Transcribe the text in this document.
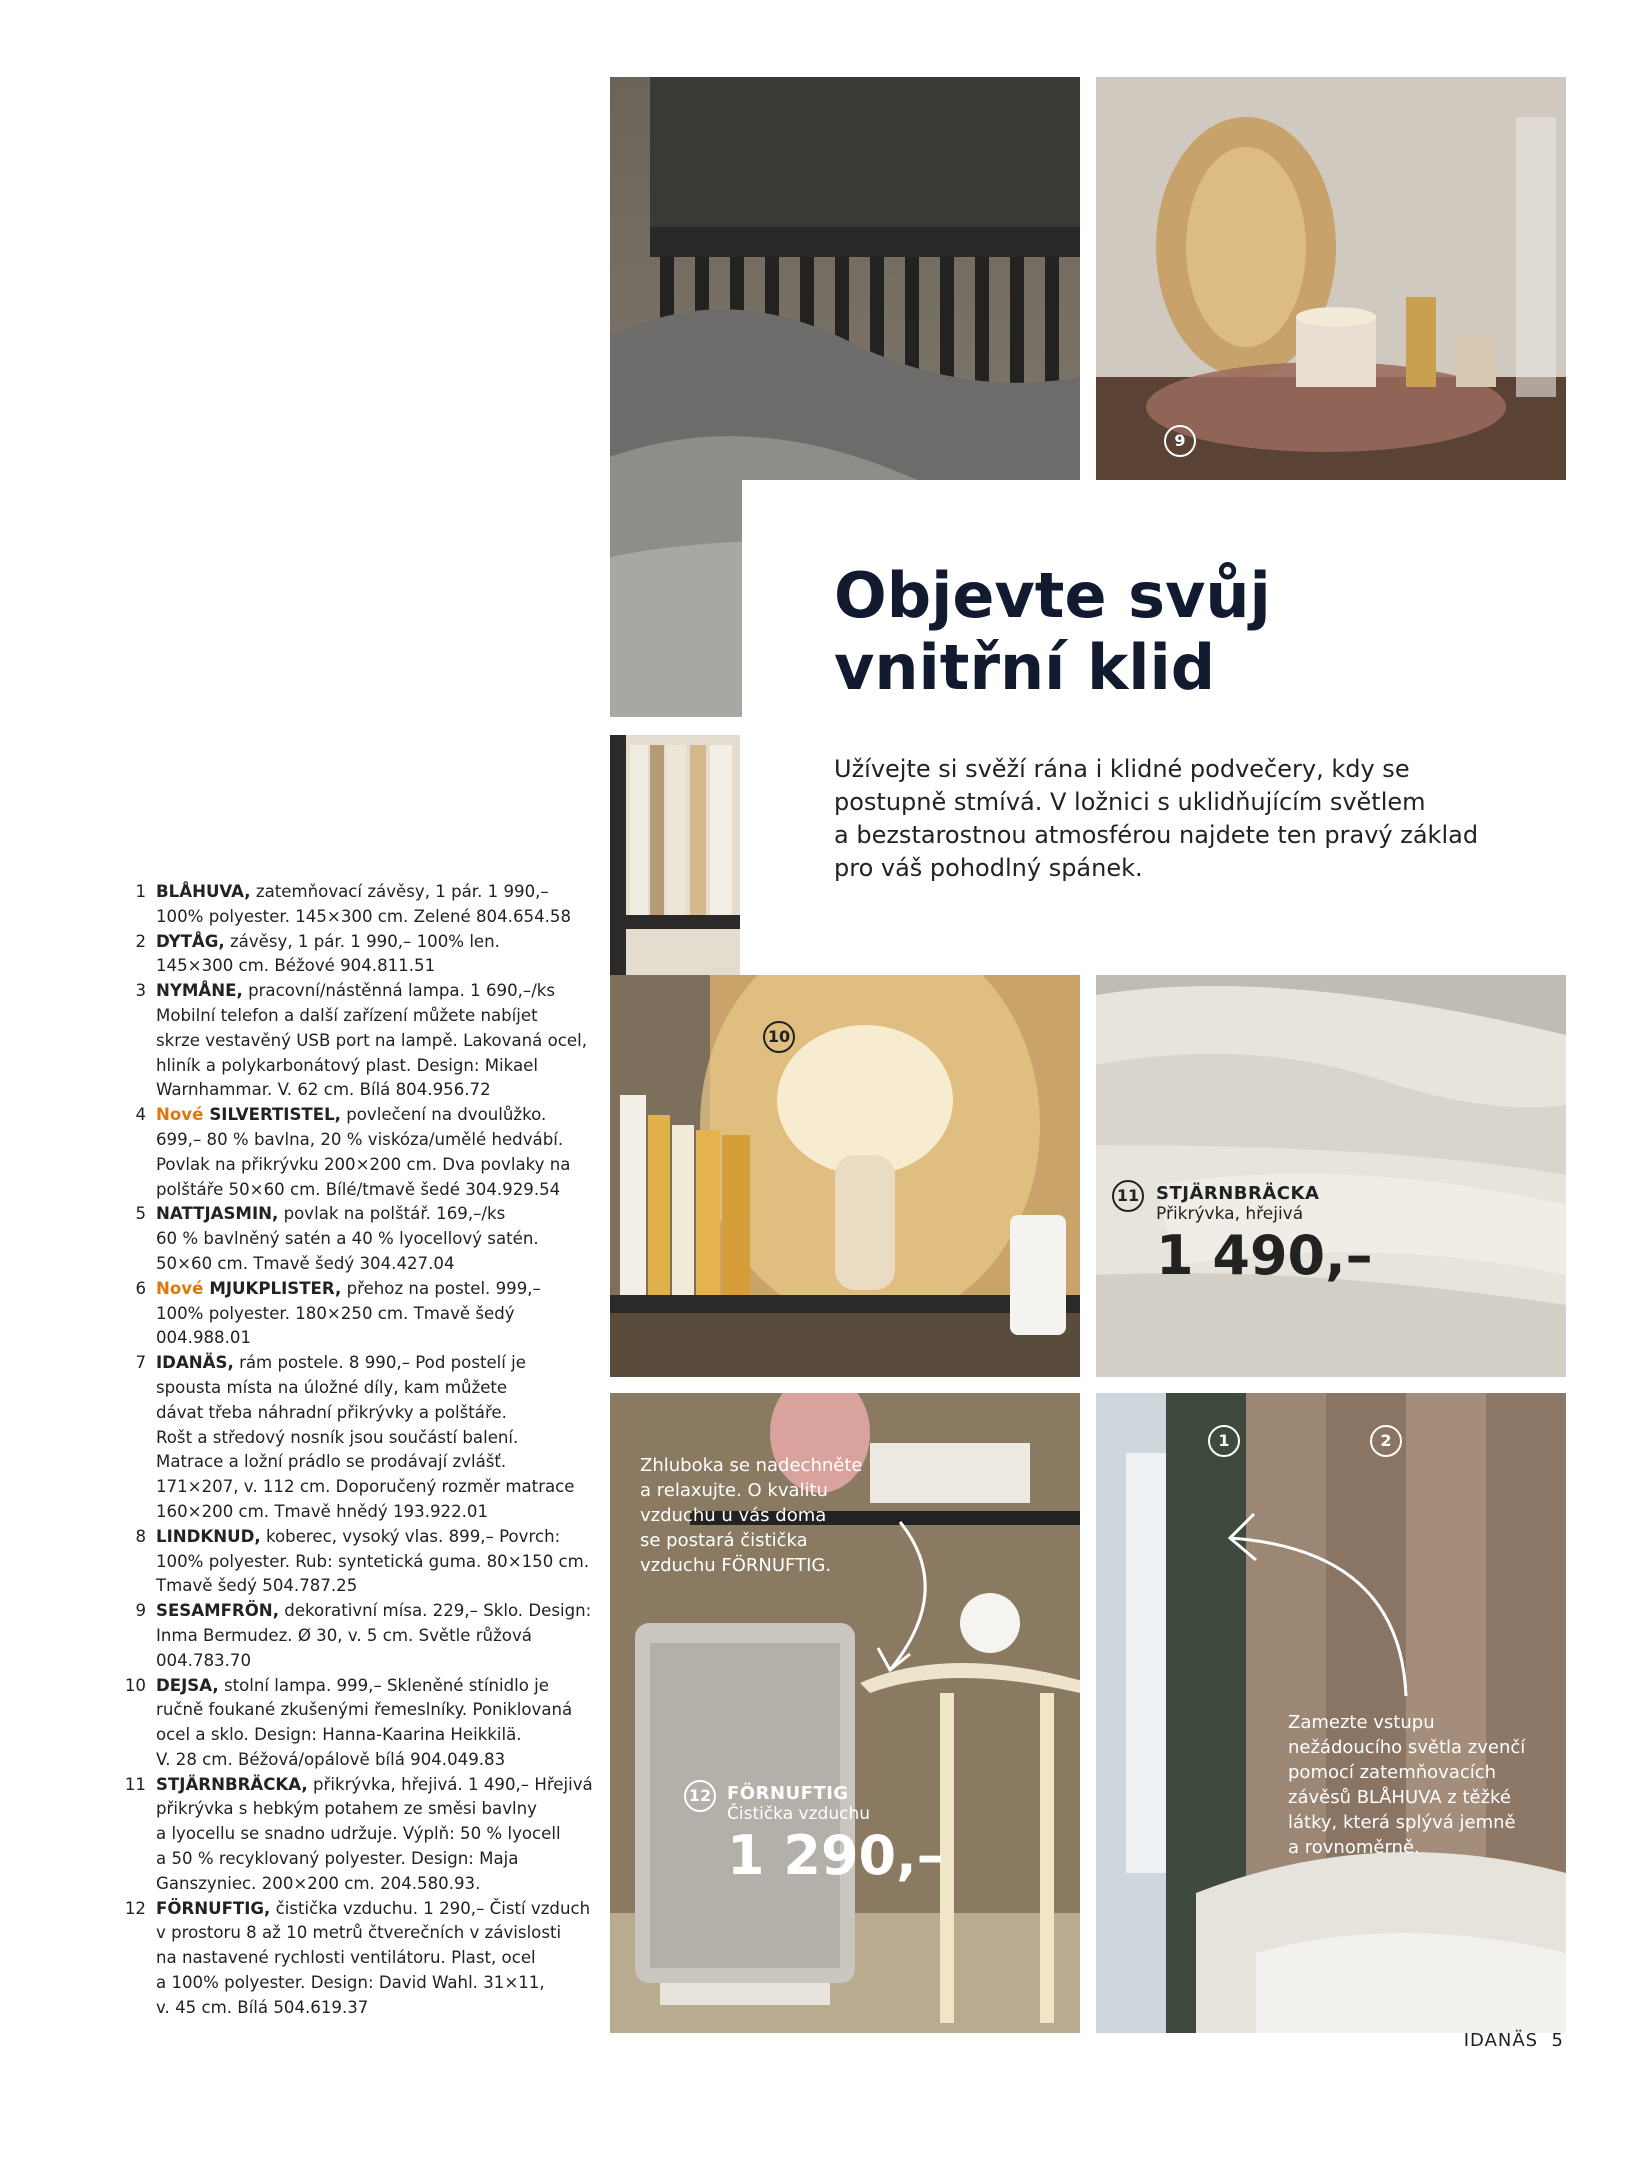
9
Objevte svůj
vnitřní klid
Užívejte si svěží rána i klidné podvečery, kdy se
postupně stmívá. V ložnici s uklidňujícím světlem
a bezstarostnou atmosférou najdete ten pravý základ
pro váš pohodlný spánek.
10
11 STJÄRNBRÄCKA
Přikrývka, hřejivá
1 490,–
12 FÖRNUFTIG
Čistička vzduchu
1 290,–
Zhluboka se nadechněte
a relaxujte. O kvalitu
vzduchu u vás doma
se postará čistička
vzduchu FÖRNUFTIG.
1	2
Zamezte vstupu
nežádoucího světla zvenčí
pomocí zatemňovacích
závěsů BLÅHUVA z těžké
látky, která splývá jemně
a rovnoměrně.
1 BLÅHUVA, zatemňovací závěsy, 1 pár. 1 990,–
100% polyester. 145×300 cm. Zelené 804.654.58
2 DYTÅG, závěsy, 1 pár. 1 990,– 100% len.
145×300 cm. Béžové 904.811.51
3 NYMÅNE, pracovní/nástěnná lampa. 1 690,–/ks
Mobilní telefon a další zařízení můžete nabíjet
skrze vestavěný USB port na lampě. Lakovaná ocel,
hliník a polykarbonátový plast. Design: Mikael
Warnhammar. V. 62 cm. Bílá 804.956.72
4 Nové SILVERTISTEL, povlečení na dvoulůžko.
699,– 80 % bavlna, 20 % viskóza/umělé hedvábí.
Povlak na přikrývku 200×200 cm. Dva povlaky na
polštáře 50×60 cm. Bílé/tmavě šedé 304.929.54
5 NATTJASMIN, povlak na polštář. 169,–/ks
60 % bavlněný satén a 40 % lyocellový satén.
50×60 cm. Tmavě šedý 304.427.04
6 Nové MJUKPLISTER, přehoz na postel. 999,–
100% polyester. 180×250 cm. Tmavě šedý
004.988.01
7 IDANÄS, rám postele. 8 990,– Pod postelí je
spousta místa na úložné díly, kam můžete
dávat třeba náhradní přikrývky a polštáře.
Rošt a středový nosník jsou součástí balení.
Matrace a ložní prádlo se prodávají zvlášť.
171×207, v. 112 cm. Doporučený rozměr matrace
160×200 cm. Tmavě hnědý 193.922.01
8 LINDKNUD, koberec, vysoký vlas. 899,– Povrch:
100% polyester. Rub: syntetická guma. 80×150 cm.
Tmavě šedý 504.787.25
9 SESAMFRÖN, dekorativní mísa. 229,– Sklo. Design:
Inma Bermudez. Ø 30, v. 5 cm. Světle růžová
004.783.70
10 DEJSA, stolní lampa. 999,– Skleněné stínidlo je
ručně foukané zkušenými řemeslníky. Poniklovaná
ocel a sklo. Design: Hanna-Kaarina Heikkilä.
V. 28 cm. Béžová/opálově bílá 904.049.83
11 STJÄRNBRÄCKA, přikrývka, hřejivá. 1 490,– Hřejivá
přikrývka s hebkým potahem ze směsi bavlny
a lyocellu se snadno udržuje. Výplň: 50 % lyocell
a 50 % recyklovaný polyester. Design: Maja
Ganszyniec. 200×200 cm. 204.580.93.
12 FÖRNUFTIG, čistička vzduchu. 1 290,– Čistí vzduch
v prostoru 8 až 10 metrů čtverečních v závislosti
na nastavené rychlosti ventilátoru. Plast, ocel
a 100% polyester. Design: David Wahl. 31×11,
v. 45 cm. Bílá 504.619.37
IDANÄS 5
